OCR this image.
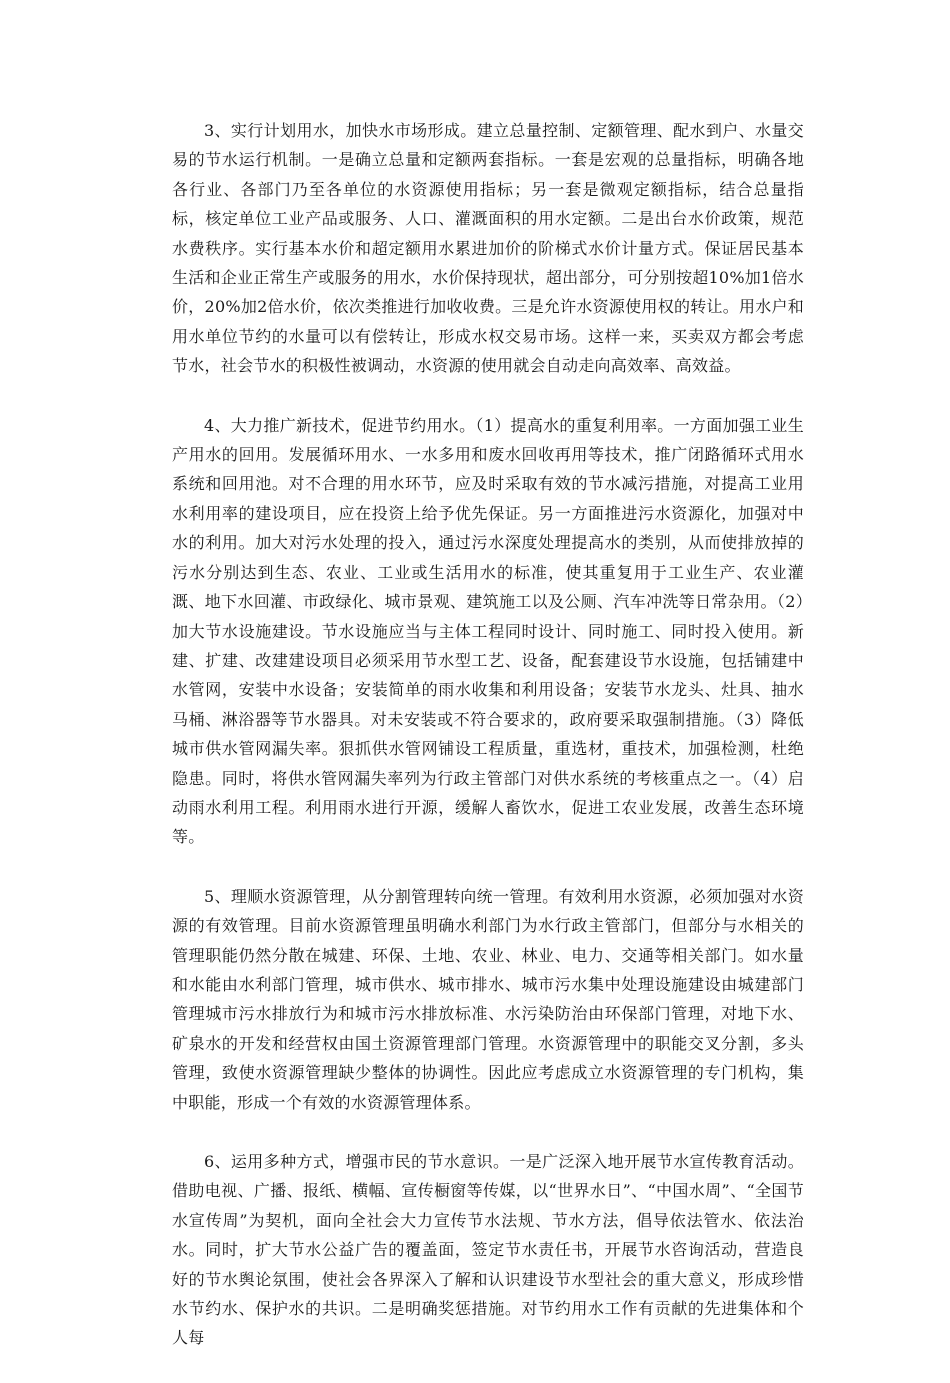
3、实行计划用水，加快水市场形成。建立总量控制、定额管理、配水到户、水量交易的节水运行机制。一是确立总量和定额两套指标。一套是宏观的总量指标，明确各地各行业、各部门乃至各单位的水资源使用指标；另一套是微观定额指标，结合总量指标，核定单位工业产品或服务、人口、灌溉面积的用水定额。二是出台水价政策，规范水费秩序。实行基本水价和超定额用水累进加价的阶梯式水价计量方式。保证居民基本生活和企业正常生产或服务的用水，水价保持现状，超出部分，可分别按超10%加1倍水价，20%加2倍水价，依次类推进行加收收费。三是允许水资源使用权的转让。用水户和用水单位节约的水量可以有偿转让，形成水权交易市场。这样一来，买卖双方都会考虑节水，社会节水的积极性被调动，水资源的使用就会自动走向高效率、高效益。

4、大力推广新技术，促进节约用水。（1）提高水的重复利用率。一方面加强工业生产用水的回用。发展循环用水、一水多用和废水回收再用等技术，推广闭路循环式用水系统和回用池。对不合理的用水环节，应及时采取有效的节水减污措施，对提高工业用水利用率的建设项目，应在投资上给予优先保证。另一方面推进污水资源化，加强对中水的利用。加大对污水处理的投入，通过污水深度处理提高水的类别，从而使排放掉的污水分别达到生态、农业、工业或生活用水的标准，使其重复用于工业生产、农业灌溉、地下水回灌、市政绿化、城市景观、建筑施工以及公厕、汽车冲洗等日常杂用。（2）加大节水设施建设。节水设施应当与主体工程同时设计、同时施工、同时投入使用。新建、扩建、改建建设项目必须采用节水型工艺、设备，配套建设节水设施，包括铺建中水管网，安装中水设备；安装简单的雨水收集和利用设备；安装节水龙头、灶具、抽水马桶、淋浴器等节水器具。对未安装或不符合要求的，政府要采取强制措施。（3）降低城市供水管网漏失率。狠抓供水管网铺设工程质量，重选材，重技术，加强检测，杜绝隐患。同时，将供水管网漏失率列为行政主管部门对供水系统的考核重点之一。（4）启动雨水利用工程。利用雨水进行开源，缓解人畜饮水，促进工农业发展，改善生态环境等。

5、理顺水资源管理，从分割管理转向统一管理。有效利用水资源，必须加强对水资源的有效管理。目前水资源管理虽明确水利部门为水行政主管部门，但部分与水相关的管理职能仍然分散在城建、环保、土地、农业、林业、电力、交通等相关部门。如水量和水能由水利部门管理，城市供水、城市排水、城市污水集中处理设施建设由城建部门管理城市污水排放行为和城市污水排放标准、水污染防治由环保部门管理，对地下水、矿泉水的开发和经营权由国土资源管理部门管理。水资源管理中的职能交叉分割，多头管理，致使水资源管理缺少整体的协调性。因此应考虑成立水资源管理的专门机构，集中职能，形成一个有效的水资源管理体系。

6、运用多种方式，增强市民的节水意识。一是广泛深入地开展节水宣传教育活动。借助电视、广播、报纸、横幅、宣传橱窗等传媒，以“世界水日”、“中国水周”、“全国节水宣传周”为契机，面向全社会大力宣传节水法规、节水方法，倡导依法管水、依法治水。同时，扩大节水公益广告的覆盖面，签定节水责任书，开展节水咨询活动，营造良好的节水舆论氛围，使社会各界深入了解和认识建设节水型社会的重大意义，形成珍惜水节约水、保护水的共识。二是明确奖惩措施。对节约用水工作有贡献的先进集体和个人每
